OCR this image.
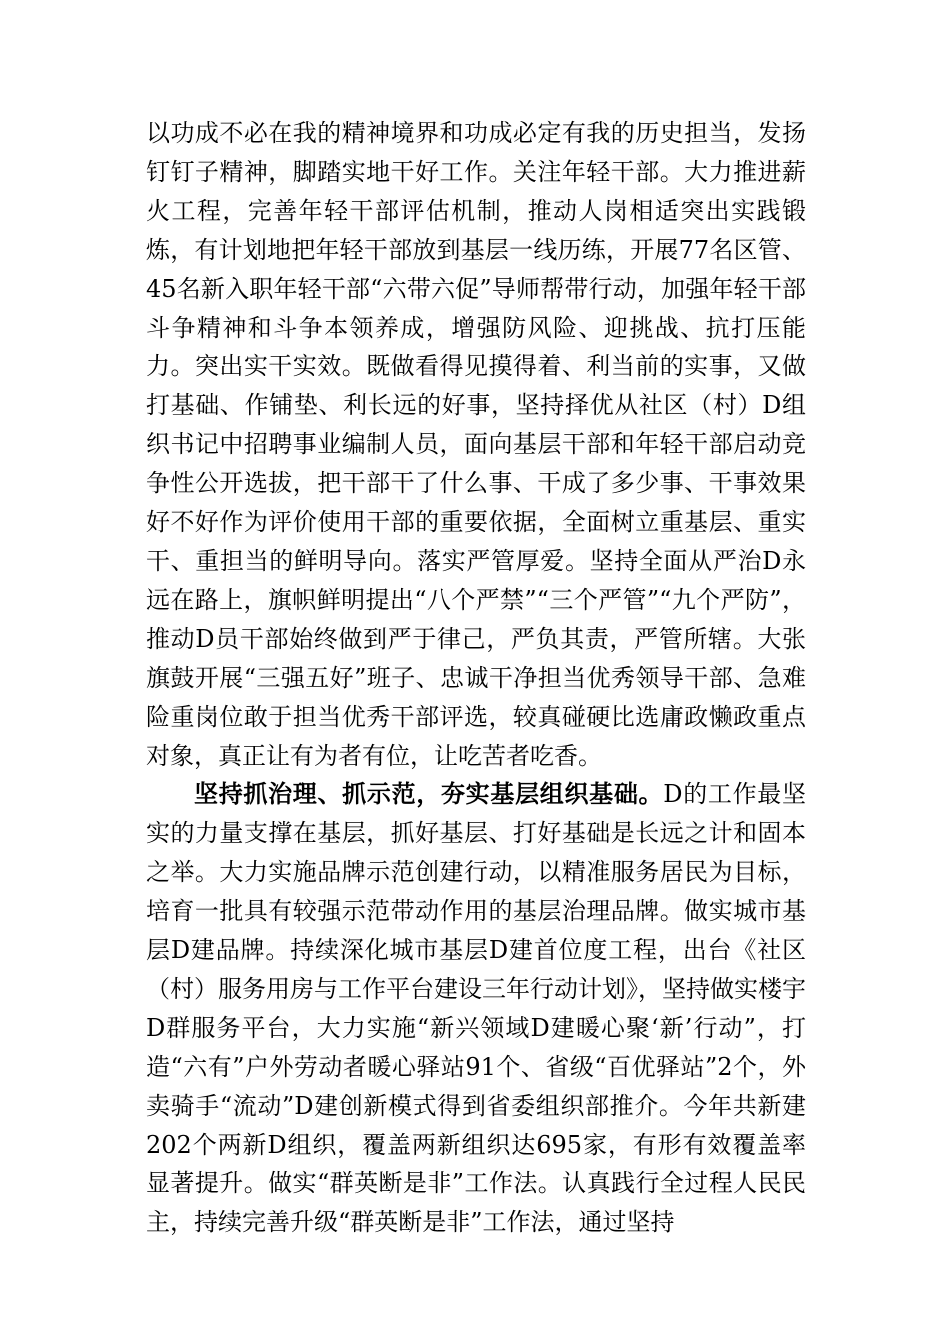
以功成不必在我的精神境界和功成必定有我的历史担当，发扬钉钉子精神，脚踏实地干好工作。关注年轻干部。大力推进薪火工程，完善年轻干部评估机制，推动人岗相适突出实践锻炼，有计划地把年轻干部放到基层一线历练，开展77名区管、45名新入职年轻干部“六带六促”导师帮带行动，加强年轻干部斗争精神和斗争本领养成，增强防风险、迎挑战、抗打压能力。突出实干实效。既做看得见摸得着、利当前的实事，又做打基础、作铺垫、利长远的好事，坚持择优从社区（村）D组织书记中招聘事业编制人员，面向基层干部和年轻干部启动竞争性公开选拔，把干部干了什么事、干成了多少事、干事效果好不好作为评价使用干部的重要依据，全面树立重基层、重实干、重担当的鲜明导向。落实严管厚爱。坚持全面从严治D永远在路上，旗帜鲜明提出“八个严禁”“三个严管”“九个严防”，推动D员干部始终做到严于律己，严负其责，严管所辖。大张旗鼓开展“三强五好”班子、忠诚干净担当优秀领导干部、急难险重岗位敢于担当优秀干部评选，较真碰硬比选庸政懒政重点对象，真正让有为者有位，让吃苦者吃香。

坚持抓治理、抓示范，夯实基层组织基础。D的工作最坚实的力量支撑在基层，抓好基层、打好基础是长远之计和固本之举。大力实施品牌示范创建行动，以精准服务居民为目标，培育一批具有较强示范带动作用的基层治理品牌。做实城市基层D建品牌。持续深化城市基层D建首位度工程，出台《社区（村）服务用房与工作平台建设三年行动计划》，坚持做实楼宇D群服务平台，大力实施“新兴领域D建暖心聚‘新’行动”，打造“六有”户外劳动者暖心驿站91个、省级“百优驿站”2个，外卖骑手“流动”D建创新模式得到省委组织部推介。今年共新建202个两新D组织，覆盖两新组织达695家，有形有效覆盖率显著提升。做实“群英断是非”工作法。认真践行全过程人民民主，持续完善升级“群英断是非”工作法，通过坚持
